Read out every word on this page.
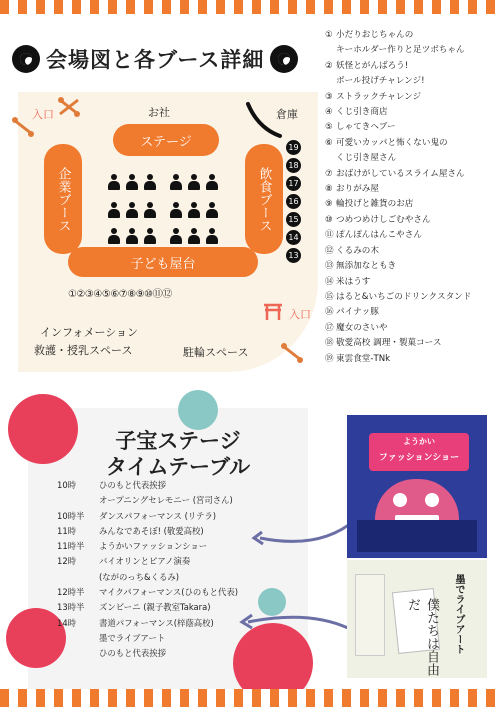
会場図と各ブース詳細
お社	倉庫
ステージ
企業ブース	飲食ブース
子ども屋台
①②③④⑤⑥⑦⑧⑨⑩⑪⑫
19
18
17
16
15
14
13
入口
入口
インフォメーション
救護・授乳スペース	駐輪スペース
① 小だりおじちゃんの
キーホルダー作りと足ツボちゃん
② 妖怪とがんばろう!
ボール投げチャレンジ!
③ ストラックチャレンジ
④ くじ引き商店
⑤ しゃてきヘブー
⑥ 可愛いカッパと怖くない鬼の
くじ引き屋さん
⑦ おばけがしているスライム屋さん
⑧ おりがみ屋
⑨ 輪投げと雑貨のお店
⑩ つめつめけしごむやさん
⑪ ぽんぽんはんこやさん
⑫ くるみの木
⑬ 無添加なともき
⑭ 米はうす
⑮ はると&いちごのドリンクスタンド
⑯ パイナッ豚
⑰ 魔女のさいや
⑱ 敬愛高校 調理・製菓コース
⑲ 東雲食堂-TNk
子宝ステージ
タイムテーブル
10時	ひのもと代表挨拶
オープニングセレモニー (宮司さん)
10時半	ダンスパフォーマンス (リテラ)
11時	みんなであそぼ! (敬愛高校)
11時半	ようかいファッションショー
12時	バイオリンとピアノ演奏
(ながのっち&くるみ)
12時半	マイクパフォーマンス(ひのもと代表)
13時半	ズンビーニ (親子教室Takara)
14時	書道パフォーマンス(梓蔭高校)
墨でライブアート
ひのもと代表挨拶
ようかい
ファッションショー
僕たちは自由だ	墨でライブアート
